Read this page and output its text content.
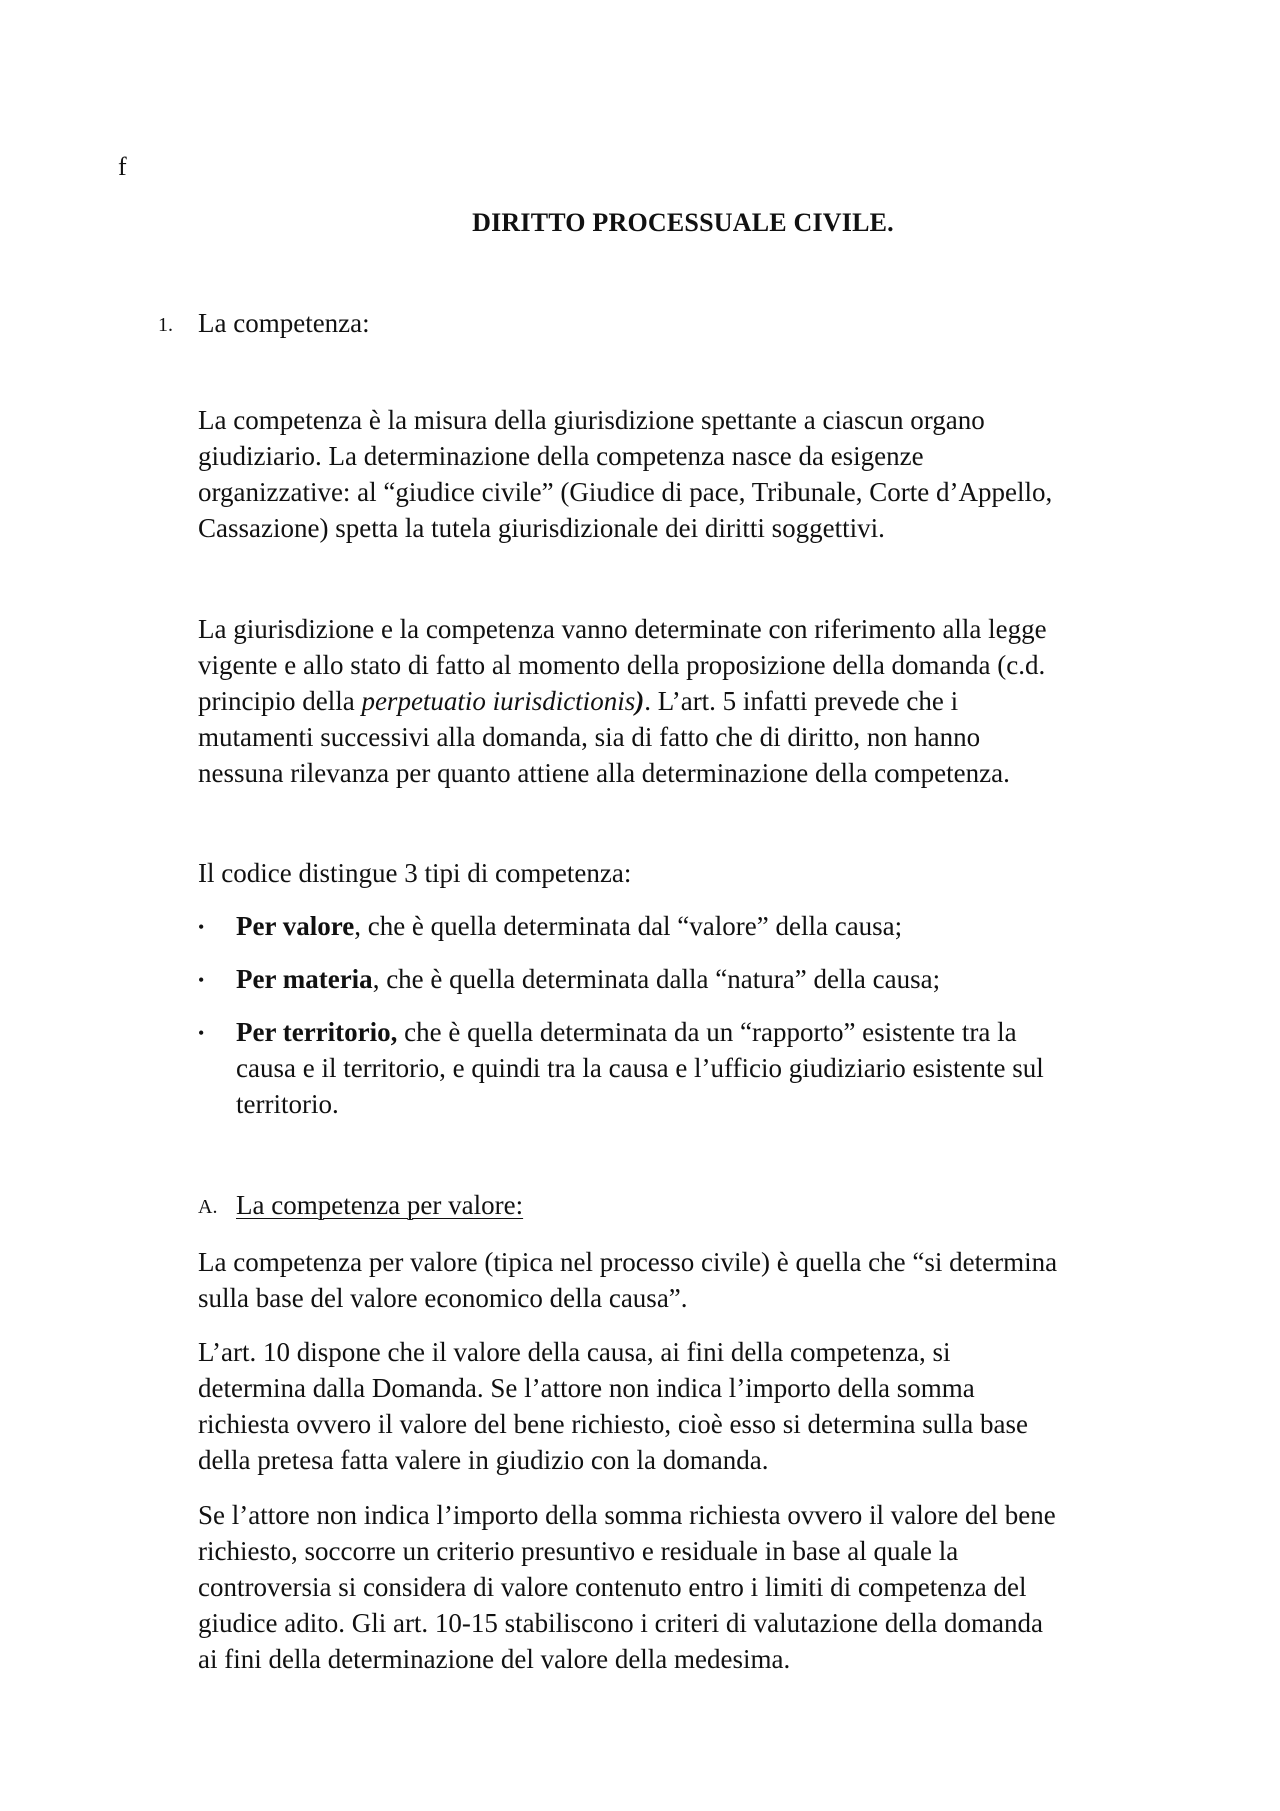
f
DIRITTO PROCESSUALE CIVILE.
1. La competenza:
La competenza è la misura della giurisdizione spettante a ciascun organo
giudiziario. La determinazione della competenza nasce da esigenze
organizzative: al “giudice civile” (Giudice di pace, Tribunale, Corte d’Appello,
Cassazione) spetta la tutela giurisdizionale dei diritti soggettivi.
La giurisdizione e la competenza vanno determinate con riferimento alla legge
vigente e allo stato di fatto al momento della proposizione della domanda (c.d.
principio della perpetuatio iurisdictionis). L’art. 5 infatti prevede che i
mutamenti successivi alla domanda, sia di fatto che di diritto, non hanno
nessuna rilevanza per quanto attiene alla determinazione della competenza.
Il codice distingue 3 tipi di competenza:
• Per valore, che è quella determinata dal “valore” della causa;
• Per materia, che è quella determinata dalla “natura” della causa;
• Per territorio, che è quella determinata da un “rapporto” esistente tra la
causa e il territorio, e quindi tra la causa e l’ufficio giudiziario esistente sul
territorio.
A. La competenza per valore:
La competenza per valore (tipica nel processo civile) è quella che “si determina
sulla base del valore economico della causa”.
L’art. 10 dispone che il valore della causa, ai fini della competenza, si
determina dalla Domanda. Se l’attore non indica l’importo della somma
richiesta ovvero il valore del bene richiesto, cioè esso si determina sulla base
della pretesa fatta valere in giudizio con la domanda.
Se l’attore non indica l’importo della somma richiesta ovvero il valore del bene
richiesto, soccorre un criterio presuntivo e residuale in base al quale la
controversia si considera di valore contenuto entro i limiti di competenza del
giudice adito. Gli art. 10-15 stabiliscono i criteri di valutazione della domanda
ai fini della determinazione del valore della medesima.
